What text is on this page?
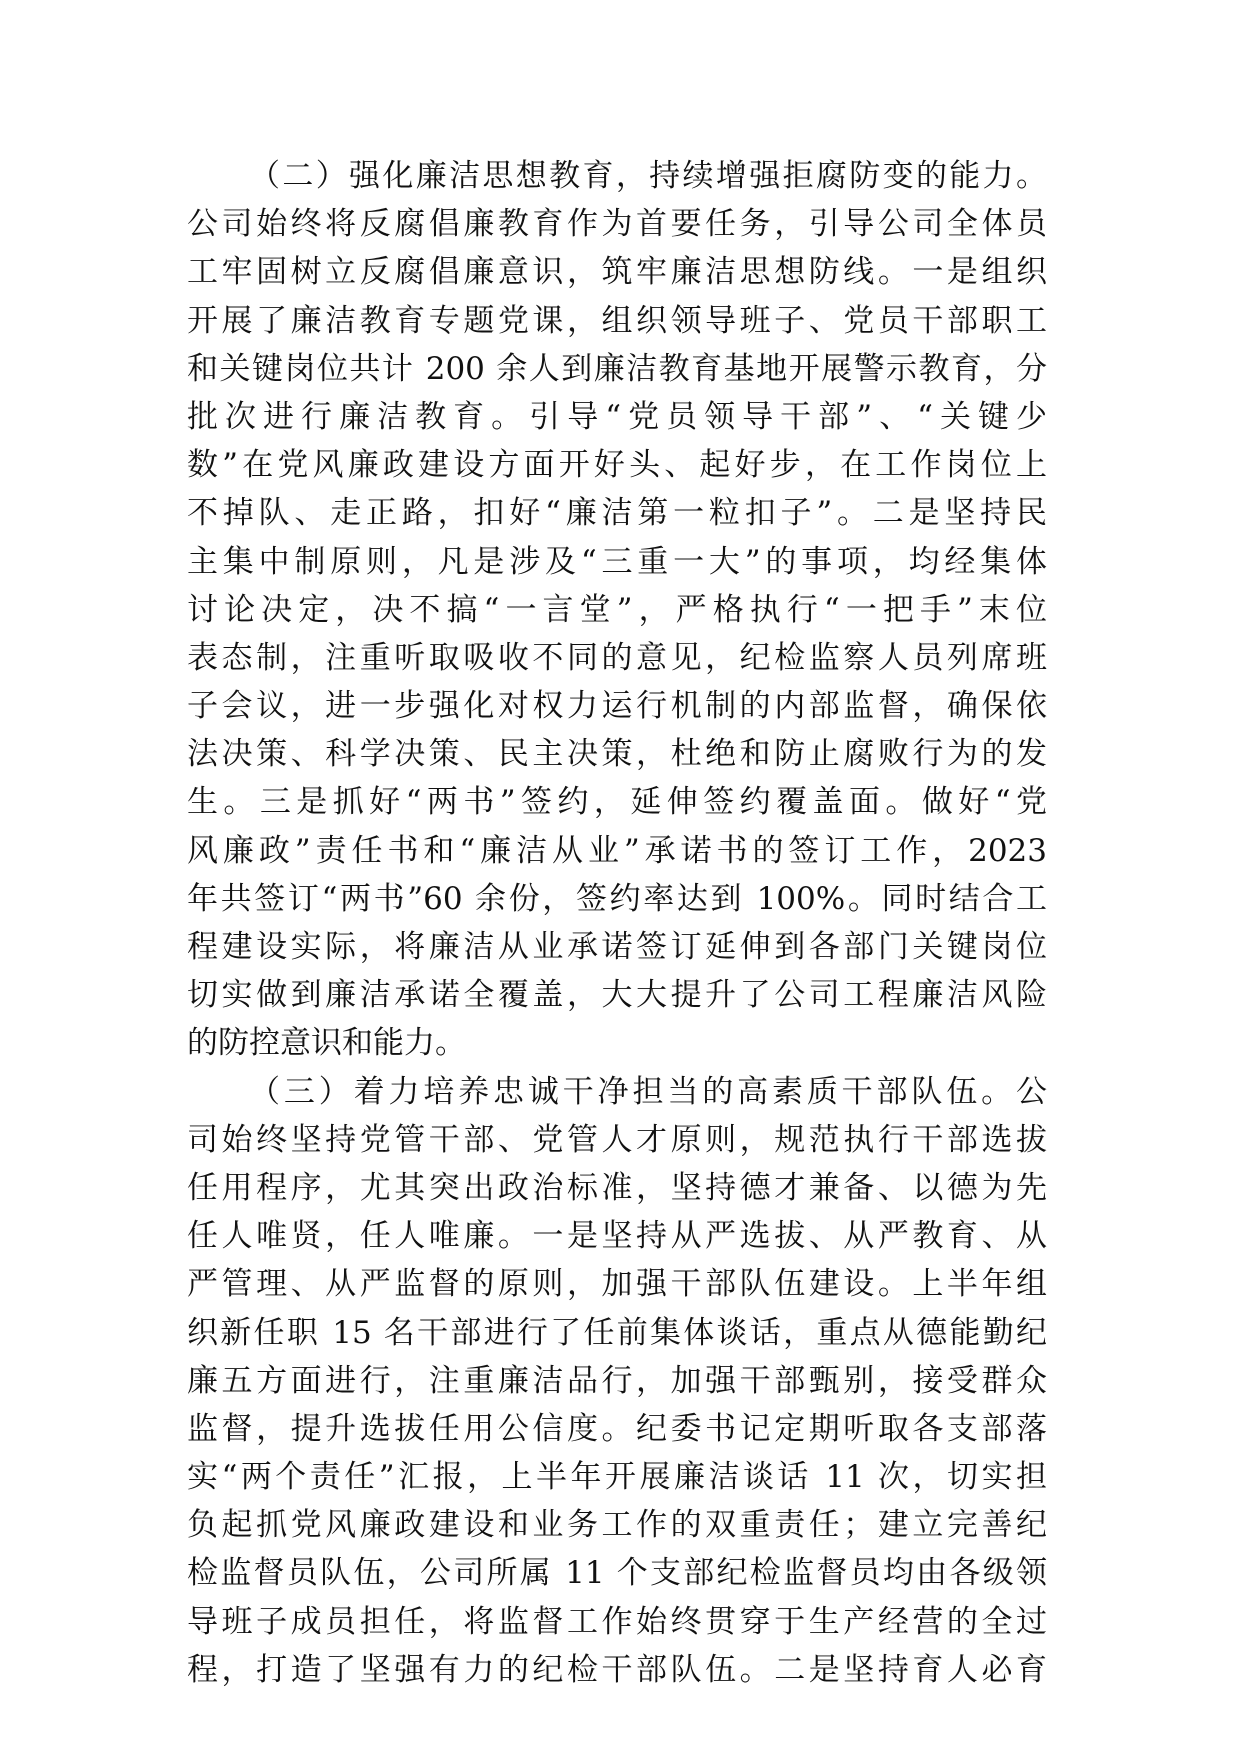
（二）强化廉洁思想教育，持续增强拒腐防变的能力。
公司始终将反腐倡廉教育作为首要任务，引导公司全体员
工牢固树立反腐倡廉意识，筑牢廉洁思想防线。一是组织
开展了廉洁教育专题党课，组织领导班子、党员干部职工
和关键岗位共计 200 余人到廉洁教育基地开展警示教育，分
批次进行廉洁教育。引导“党员领导干部”、“关键少
数”在党风廉政建设方面开好头、起好步，在工作岗位上
不掉队、走正路，扣好“廉洁第一粒扣子”。二是坚持民
主集中制原则，凡是涉及“三重一大”的事项，均经集体
讨论决定，决不搞“一言堂”，严格执行“一把手”末位
表态制，注重听取吸收不同的意见，纪检监察人员列席班
子会议，进一步强化对权力运行机制的内部监督，确保依
法决策、科学决策、民主决策，杜绝和防止腐败行为的发
生。三是抓好“两书”签约，延伸签约覆盖面。做好“党
风廉政”责任书和“廉洁从业”承诺书的签订工作，2023
年共签订“两书”60 余份，签约率达到 100%。同时结合工
程建设实际，将廉洁从业承诺签订延伸到各部门关键岗位
切实做到廉洁承诺全覆盖，大大提升了公司工程廉洁风险
的防控意识和能力。
（三）着力培养忠诚干净担当的高素质干部队伍。公
司始终坚持党管干部、党管人才原则，规范执行干部选拔
任用程序，尤其突出政治标准，坚持德才兼备、以德为先
任人唯贤，任人唯廉。一是坚持从严选拔、从严教育、从
严管理、从严监督的原则，加强干部队伍建设。上半年组
织新任职 15 名干部进行了任前集体谈话，重点从德能勤纪
廉五方面进行，注重廉洁品行，加强干部甄别，接受群众
监督，提升选拔任用公信度。纪委书记定期听取各支部落
实“两个责任”汇报，上半年开展廉洁谈话 11 次，切实担
负起抓党风廉政建设和业务工作的双重责任；建立完善纪
检监督员队伍，公司所属 11 个支部纪检监督员均由各级领
导班子成员担任，将监督工作始终贯穿于生产经营的全过
程，打造了坚强有力的纪检干部队伍。二是坚持育人必育
